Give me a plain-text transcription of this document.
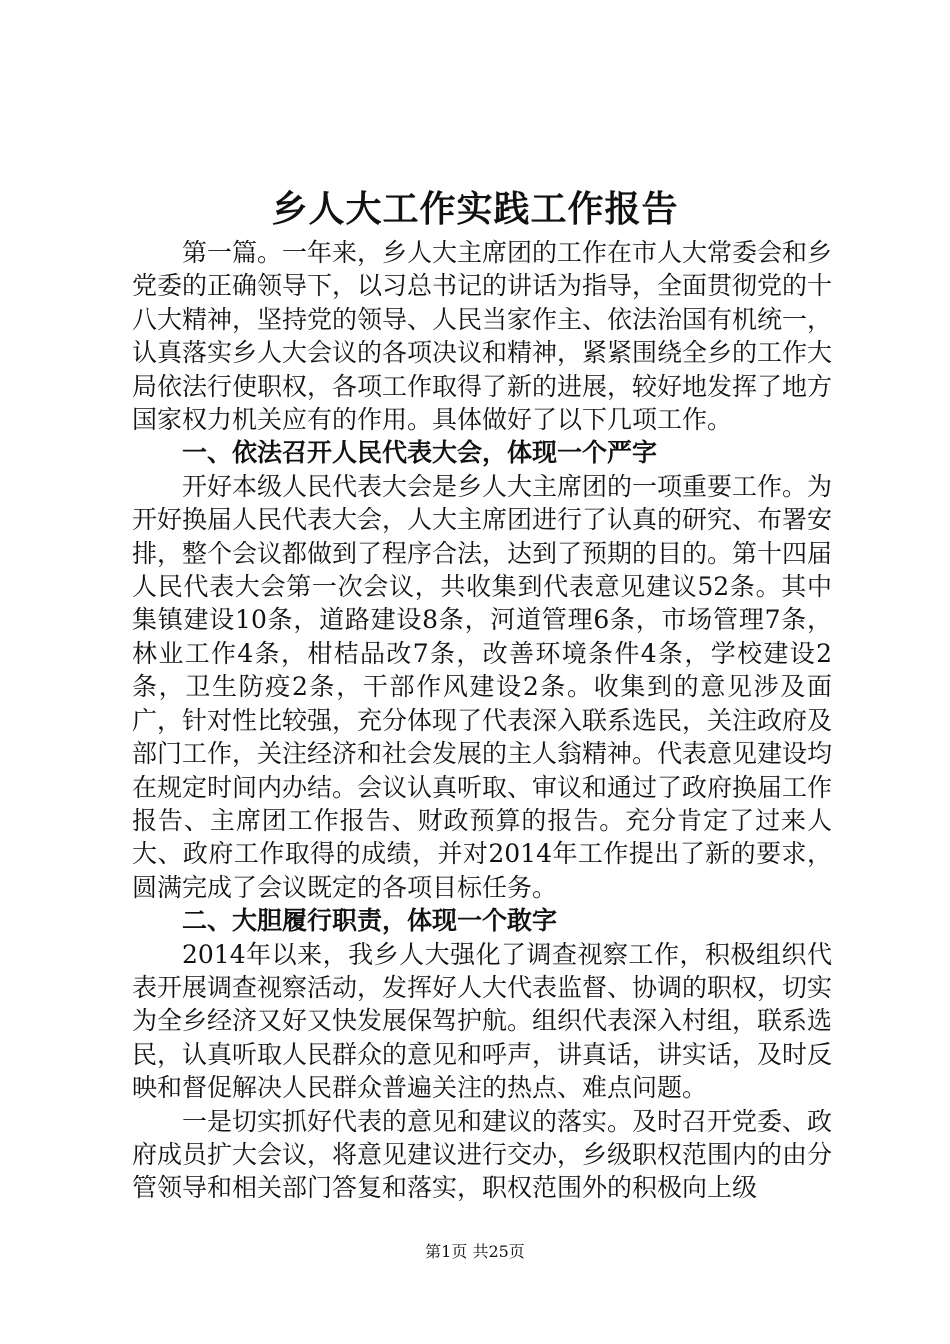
乡人大工作实践工作报告

第一篇。一年来，乡人大主席团的工作在市人大常委会和乡党委的正确领导下，以习总书记的讲话为指导，全面贯彻党的十八大精神，坚持党的领导、人民当家作主、依法治国有机统一，认真落实乡人大会议的各项决议和精神，紧紧围绕全乡的工作大局依法行使职权，各项工作取得了新的进展，较好地发挥了地方国家权力机关应有的作用。具体做好了以下几项工作。

一、依法召开人民代表大会，体现一个严字

开好本级人民代表大会是乡人大主席团的一项重要工作。为开好换届人民代表大会，人大主席团进行了认真的研究、布署安排，整个会议都做到了程序合法，达到了预期的目的。第十四届人民代表大会第一次会议，共收集到代表意见建议52条。其中集镇建设10条，道路建设8条，河道管理6条，市场管理7条，林业工作4条，柑桔品改7条，改善环境条件4条，学校建设2条，卫生防疫2条，干部作风建设2条。收集到的意见涉及面广，针对性比较强，充分体现了代表深入联系选民，关注政府及部门工作，关注经济和社会发展的主人翁精神。代表意见建设均在规定时间内办结。会议认真听取、审议和通过了政府换届工作报告、主席团工作报告、财政预算的报告。充分肯定了过来人大、政府工作取得的成绩，并对2014年工作提出了新的要求，圆满完成了会议既定的各项目标任务。

二、大胆履行职责，体现一个敢字

2014年以来，我乡人大强化了调查视察工作，积极组织代表开展调查视察活动，发挥好人大代表监督、协调的职权，切实为全乡经济又好又快发展保驾护航。组织代表深入村组，联系选民，认真听取人民群众的意见和呼声，讲真话，讲实话，及时反映和督促解决人民群众普遍关注的热点、难点问题。

一是切实抓好代表的意见和建议的落实。及时召开党委、政府成员扩大会议，将意见建议进行交办，乡级职权范围内的由分管领导和相关部门答复和落实，职权范围外的积极向上级

第1页 共25页
